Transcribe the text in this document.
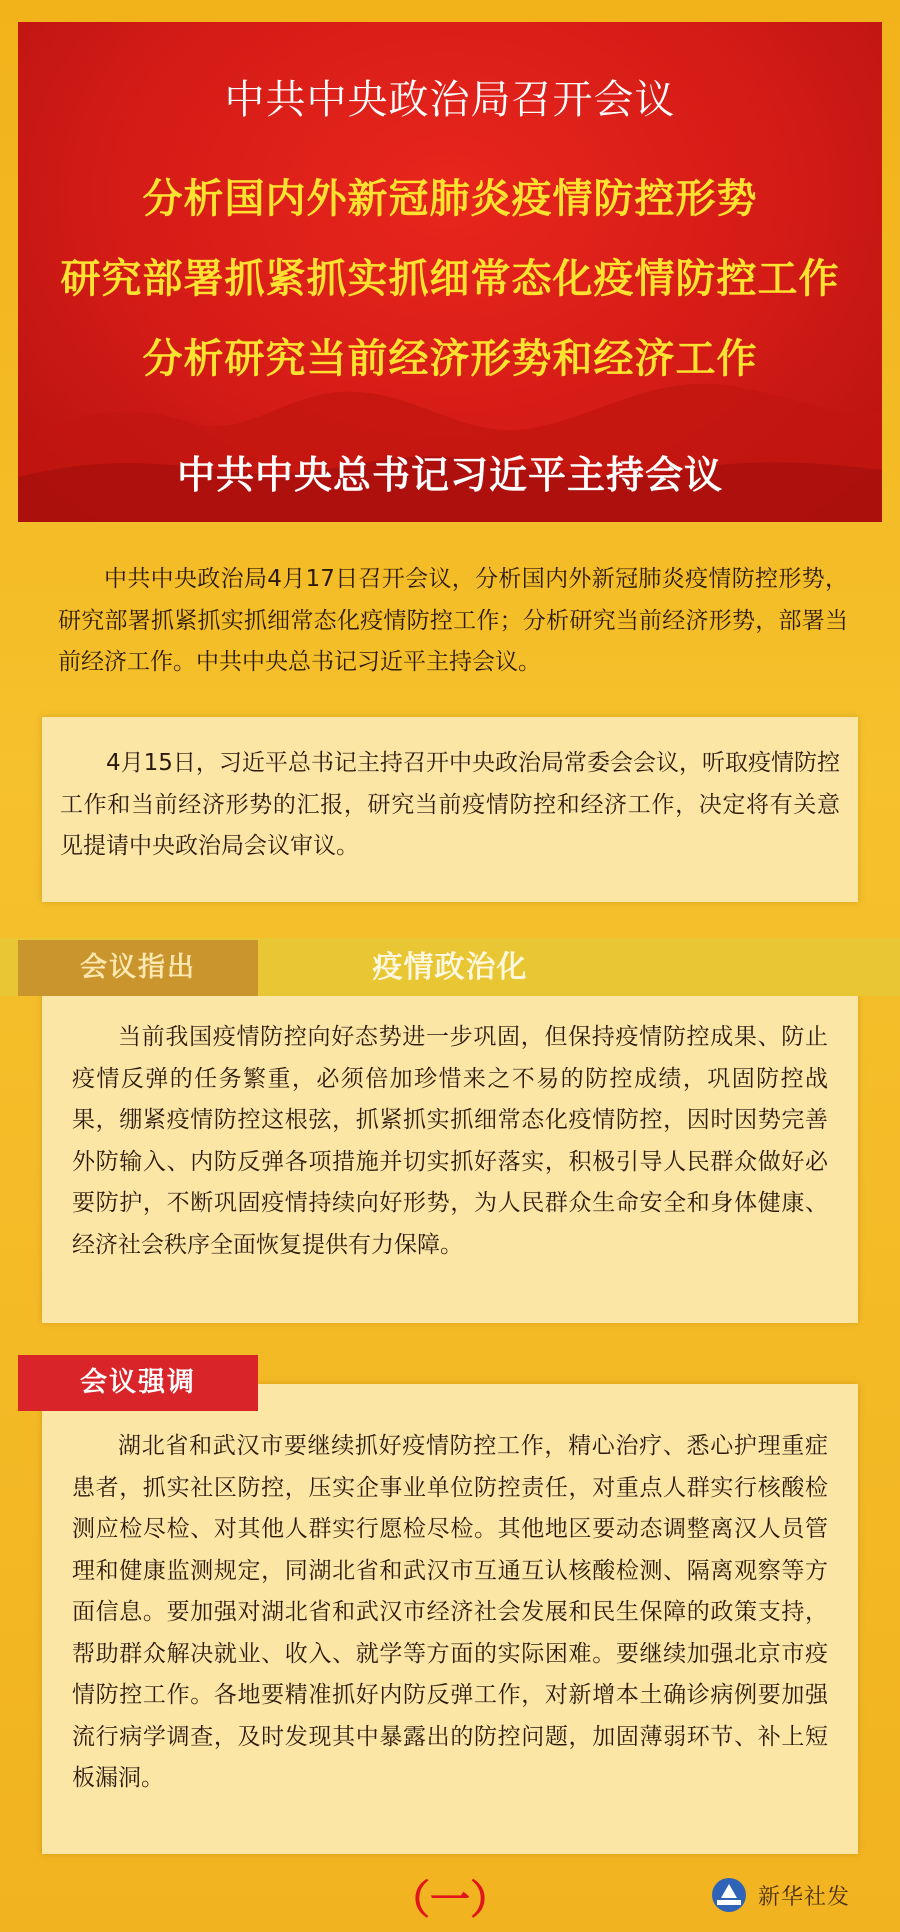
中共中央政治局召开会议
分析国内外新冠肺炎疫情防控形势
研究部署抓紧抓实抓细常态化疫情防控工作
分析研究当前经济形势和经济工作
中共中央总书记习近平主持会议
中共中央政治局4月17日召开会议，分析国内外新冠肺炎疫情防控形势，研究部署抓紧抓实抓细常态化疫情防控工作；分析研究当前经济形势，部署当前经济工作。中共中央总书记习近平主持会议。
4月15日，习近平总书记主持召开中央政治局常委会会议，听取疫情防控工作和当前经济形势的汇报，研究当前疫情防控和经济工作，决定将有关意见提请中央政治局会议审议。
当前我国疫情防控向好态势进一步巩固，但保持疫情防控成果、防止疫情反弹的任务繁重，必须倍加珍惜来之不易的防控成绩，巩固防控战果，绷紧疫情防控这根弦，抓紧抓实抓细常态化疫情防控，因时因势完善外防输入、内防反弹各项措施并切实抓好落实，积极引导人民群众做好必要防护，不断巩固疫情持续向好形势，为人民群众生命安全和身体健康、经济社会秩序全面恢复提供有力保障。
会议指出	疫情政治化
湖北省和武汉市要继续抓好疫情防控工作，精心治疗、悉心护理重症患者，抓实社区防控，压实企事业单位防控责任，对重点人群实行核酸检测应检尽检、对其他人群实行愿检尽检。其他地区要动态调整离汉人员管理和健康监测规定，同湖北省和武汉市互通互认核酸检测、隔离观察等方面信息。要加强对湖北省和武汉市经济社会发展和民生保障的政策支持，帮助群众解决就业、收入、就学等方面的实际困难。要继续加强北京市疫情防控工作。各地要精准抓好内防反弹工作，对新增本土确诊病例要加强流行病学调查，及时发现其中暴露出的防控问题，加固薄弱环节、补上短板漏洞。
会议强调
（一）	新华社发
